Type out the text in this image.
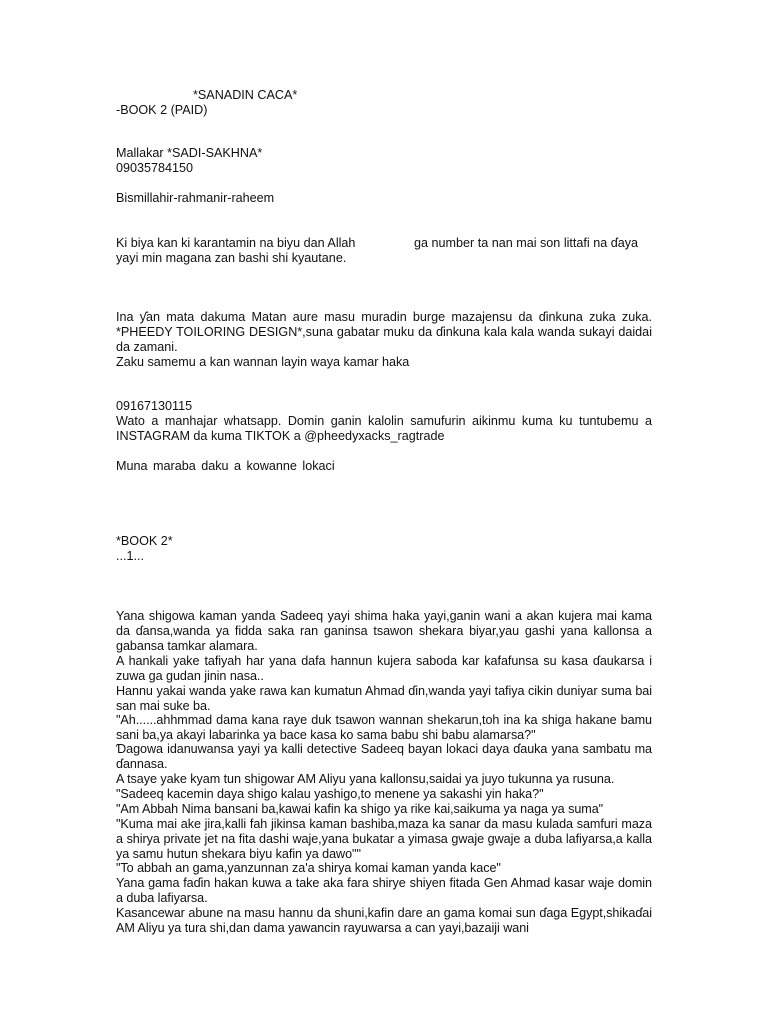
*SANADIN CACA*
-BOOK 2 (PAID)
Mallakar *SADI-SAKHNA*
09035784150
Bismillahir-rahmanir-raheem
Ki biya kan ki karantamin na biyu dan Allah	ga number ta nan mai son littafi na ɗaya
yayi min magana zan bashi shi kyautane.
Ina ƴan mata dakuma Matan aure masu muradin burge mazajensu da ɗinkuna zuka zuka. *PHEEDY TOILORING DESIGN*,suna gabatar muku da ɗinkuna kala kala wanda sukayi daidai da zamani.
Zaku samemu a kan wannan layin waya kamar haka
09167130115
Wato a manhajar whatsapp. Domin ganin kalolin samufurin aikinmu kuma ku tuntubemu a INSTAGRAM da kuma TIKTOK a @pheedyxacks_ragtrade
Muna maraba daku a kowanne lokaci
*BOOK 2*
...1...
Yana shigowa kaman yanda Sadeeq yayi shima haka yayi,ganin wani a akan kujera mai kama da ɗansa,wanda ya fidda saka ran ganinsa tsawon shekara biyar,yau gashi yana kallonsa a gabansa tamkar alamara.
A hankali yake tafiyah har yana dafa hannun kujera saboda kar kafafunsa su kasa ɗaukarsa i zuwa ga gudan jinin nasa..
Hannu yakai wanda yake rawa kan kumatun Ahmad ɗin,wanda yayi tafiya cikin duniyar suma bai san mai suke ba.
"Ah......ahhmmad dama kana raye duk tsawon wannan shekarun,toh ina ka shiga hakane bamu sani ba,ya akayi labarinka ya bace kasa ko sama babu shi babu alamarsa?"
Ɗagowa idanuwansa yayi ya kalli detective Sadeeq bayan lokaci daya ɗauka yana sambatu ma ɗannasa.
A tsaye yake kyam tun shigowar AM Aliyu yana kallonsu,saidai ya juyo tukunna ya rusuna.
"Sadeeq kacemin daya shigo kalau yashigo,to menene ya sakashi yin haka?"
"Am Abbah Nima bansani ba,kawai kafin ka shigo ya rike kai,saikuma ya naga ya suma"
"Kuma mai ake jira,kalli fah jikinsa kaman bashiba,maza ka sanar da masu kulada samfuri maza a shirya private jet na fita dashi waje,yana bukatar a yimasa gwaje gwaje a duba lafiyarsa,a kalla ya samu hutun shekara biyu kafin ya dawo""
"To abbah an gama,yanzunnan za'a shirya komai kaman yanda kace"
Yana gama faɗin hakan kuwa a take aka fara shirye shiyen fitada Gen Ahmad kasar waje domin a duba lafiyarsa.
Kasancewar abune na masu hannu da shuni,kafin dare an gama komai sun ɗaga Egypt,shikaɗai AM Aliyu ya tura shi,dan dama yawancin rayuwarsa a can yayi,bazaiji wani
